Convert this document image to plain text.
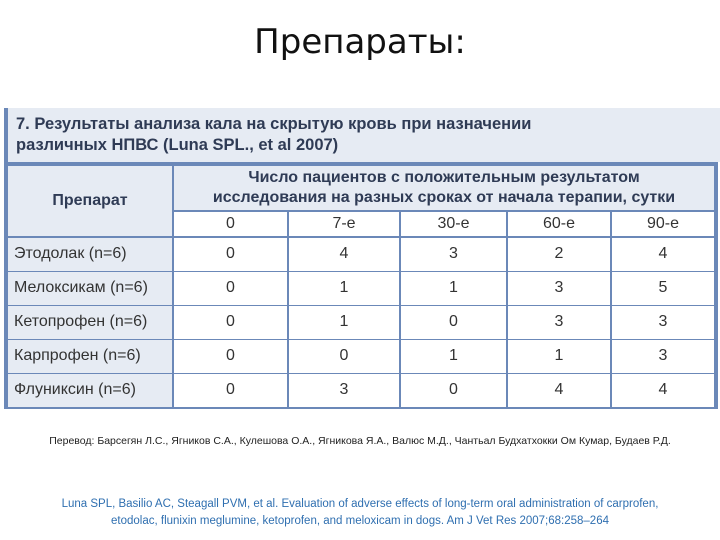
Препараты:
7. Результаты анализа кала на скрытую кровь при назначении
различных НПВС (Luna SPL., et al 2007)
Препарат
Число пациентов с положительным результатом
исследования на разных сроках от начала терапии, сутки
0	7-е	30-е	60-е	90-е
Этодолак (n=6)	0	4	3	2	4
Мелоксикам (n=6)	0	1	1	3	5
Кетопрофен (n=6)	0	1	0	3	3
Карпрофен (n=6)	0	0	1	1	3
Флуниксин (n=6)	0	3	0	4	4
Перевод: Барсегян Л.С., Ягников С.А., Кулешова О.А., Ягникова Я.А., Валюс М.Д., Чантьал Будхатхокки Ом Кумар, Будаев Р.Д.
Luna SPL, Basilio AC, Steagall PVM, et al. Evaluation of adverse effects of long-term oral administration of carprofen,
etodolac, flunixin meglumine, ketoprofen, and meloxicam in dogs. Am J Vet Res 2007;68:258–264
